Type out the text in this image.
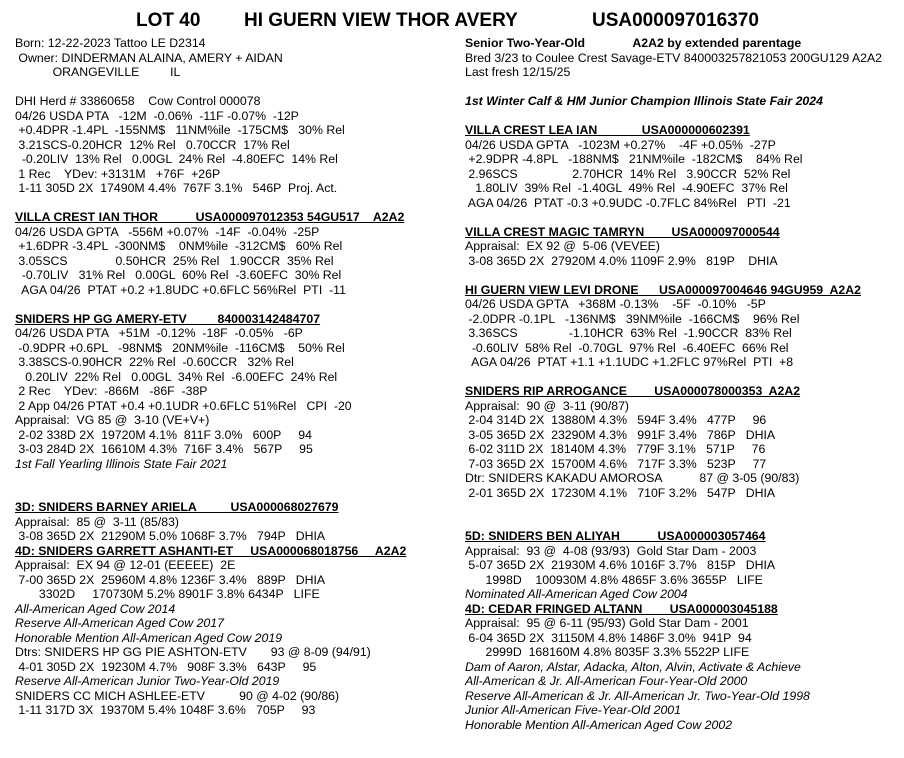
LOT 40 HI GUERN VIEW THOR AVERY	USA000097016370
Born: 12-22-2023 Tattoo LE D2314
Owner: DINDERMAN ALAINA, AMERY + AIDAN
ORANGEVILLE         IL
DHI Herd # 33860658    Cow Control 000078
04/26 USDA PTA   -12M  -0.06%  -11F -0.07%  -12P
+0.4DPR -1.4PL  -155NM$   11NM%ile  -175CM$   30% Rel
3.21SCS-0.20HCR  12% Rel   0.70CCR  17% Rel
-0.20LIV  13% Rel   0.00GL  24% Rel  -4.80EFC  14% Rel
1 Rec    YDev: +3131M   +76F  +26P
1-11 305D 2X  17490M 4.4%  767F 3.1%   546P  Proj. Act.
VILLA CREST IAN THOR           USA000097012353 54GU517    A2A2
04/26 USDA GPTA   -556M +0.07%  -14F  -0.04%  -25P
+1.6DPR -3.4PL  -300NM$    0NM%ile  -312CM$   60% Rel
3.05SCS              0.50HCR  25% Rel   1.90CCR  35% Rel
-0.70LIV   31% Rel   0.00GL  60% Rel  -3.60EFC  30% Rel
AGA 04/26  PTAT +0.2 +1.8UDC +0.6FLC 56%Rel  PTI  -11
SNIDERS HP GG AMERY-ETV         840003142484707
04/26 USDA PTA   +51M  -0.12%  -18F  -0.05%   -6P
-0.9DPR +0.6PL   -98NM$   20NM%ile  -116CM$    50% Rel
3.38SCS-0.90HCR  22% Rel  -0.60CCR   32% Rel
0.20LIV  22% Rel   0.00GL  34% Rel  -6.00EFC  24% Rel
2 Rec    YDev:  -866M   -86F  -38P
2 App 04/26 PTAT +0.4 +0.1UDR +0.6FLC 51%Rel   CPI  -20
Appraisal:  VG 85 @  3-10 (VE+V+)
2-02 338D 2X  19720M 4.1%  811F 3.0%   600P     94
3-03 284D 2X  16610M 4.3%  716F 3.4%   567P     95
1st Fall Yearling Illinois State Fair 2021
3D: SNIDERS BARNEY ARIELA          USA000068027679
Appraisal:  85 @  3-11 (85/83)
3-08 365D 2X  21290M 5.0% 1068F 3.7%   794P   DHIA
4D: SNIDERS GARRETT ASHANTI-ET     USA000068018756     A2A2
Appraisal:  EX 94 @ 12-01 (EEEEE)  2E
7-00 365D 2X  25960M 4.8% 1236F 3.4%   889P   DHIA
3302D     170730M 5.2% 8901F 3.8% 6434P   LIFE
All-American Aged Cow 2014
Reserve All-American Aged Cow 2017
Honorable Mention All-American Aged Cow 2019
Dtrs: SNIDERS HP GG PIE ASHTON-ETV       93 @ 8-09 (94/91)
4-01 305D 2X  19230M 4.7%   908F 3.3%   643P     95
Reserve All-American Junior Two-Year-Old 2019
SNIDERS CC MICH ASHLEE-ETV          90 @ 4-02 (90/86)
1-11 317D 3X  19370M 5.4% 1048F 3.6%   705P     93
Senior Two-Year-Old              A2A2 by extended parentage
Bred 3/23 to Coulee Crest Savage-ETV 840003257821053 200GU129 A2A2
Last fresh 12/15/25
1st Winter Calf & HM Junior Champion Illinois State Fair 2024
VILLA CREST LEA IAN             USA000000602391
04/26 USDA GPTA   -1023M +0.27%    -4F +0.05%  -27P
+2.9DPR -4.8PL   -188NM$   21NM%ile  -182CM$    84% Rel
2.96SCS                2.70HCR  14% Rel   3.90CCR  52% Rel
1.80LIV  39% Rel  -1.40GL  49% Rel  -4.90EFC  37% Rel
AGA 04/26  PTAT -0.3 +0.9UDC -0.7FLC 84%Rel   PTI  -21
VILLA CREST MAGIC TAMRYN        USA000097000544
Appraisal:  EX 92 @  5-06 (VEVEE)
3-08 365D 2X  27920M 4.0% 1109F 2.9%   819P    DHIA
HI GUERN VIEW LEVI DRONE      USA000097004646 94GU959  A2A2
04/26 USDA GPTA   +368M -0.13%    -5F  -0.10%   -5P
-2.0DPR -0.1PL   -136NM$   39NM%ile  -166CM$    96% Rel
3.36SCS               -1.10HCR  63% Rel  -1.90CCR  83% Rel
-0.60LIV  58% Rel  -0.70GL  97% Rel  -6.40EFC  66% Rel
AGA 04/26  PTAT +1.1 +1.1UDC +1.2FLC 97%Rel  PTI  +8
SNIDERS RIP ARROGANCE        USA000078000353  A2A2
Appraisal:  90 @  3-11 (90/87)
2-04 314D 2X  13880M 4.3%   594F 3.4%   477P     96
3-05 365D 2X  23290M 4.3%   991F 3.4%   786P   DHIA
6-02 311D 2X  18140M 4.3%   779F 3.1%   571P     76
7-03 365D 2X  15700M 4.6%   717F 3.3%   523P     77
Dtr: SNIDERS KAKADU AMOROSA           87 @ 3-05 (90/83)
2-01 365D 2X  17230M 4.1%   710F 3.2%   547P   DHIA
5D: SNIDERS BEN ALIYAH           USA000003057464
Appraisal:  93 @  4-08 (93/93)  Gold Star Dam - 2003
5-07 365D 2X  21930M 4.6% 1016F 3.7%   815P   DHIA
1998D    100930M 4.8% 4865F 3.6% 3655P   LIFE
Nominated All-American Aged Cow 2004
4D: CEDAR FRINGED ALTANN        USA000003045188
Appraisal:  95 @ 6-11 (95/93) Gold Star Dam - 2001
6-04 365D 2X  31150M 4.8% 1486F 3.0%  941P  94
2999D  168160M 4.8% 8035F 3.3% 5522P LIFE
Dam of Aaron, Alstar, Adacka, Alton, Alvin, Activate & Achieve
All-American & Jr. All-American Four-Year-Old 2000
Reserve All-American & Jr. All-American Jr. Two-Year-Old 1998
Junior All-American Five-Year-Old 2001
Honorable Mention All-American Aged Cow 2002
